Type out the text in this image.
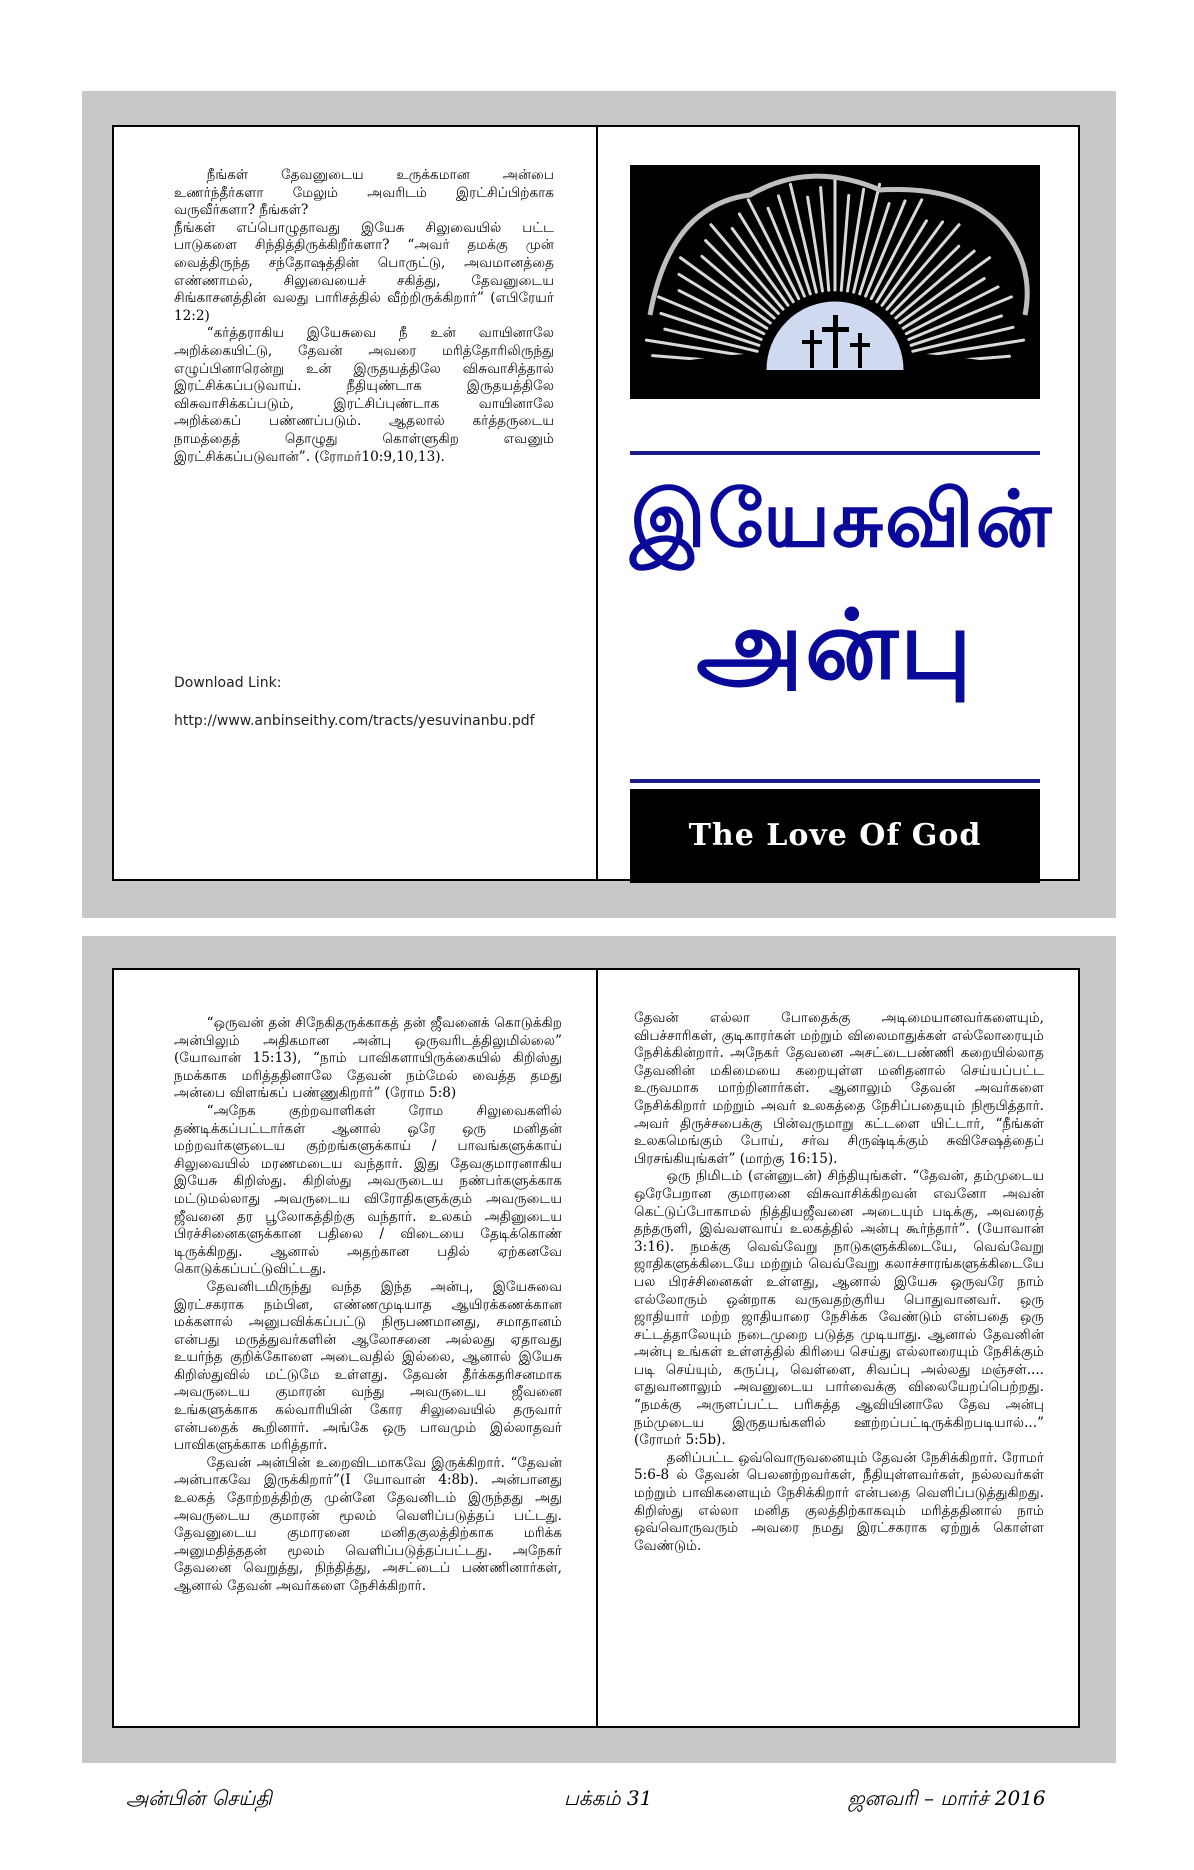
நீங்கள் தேவனுடைய உருக்கமான அன்பை உணர்ந்தீர்களா மேலும் அவரிடம் இரட்சிப்பிற்காக வருவீர்களா? நீங்கள்?

நீங்கள் எப்பொழுதாவது இயேசு சிலுவையில் பட்ட பாடுகளை சிந்தித்திருக்கிறீர்களா? “அவர் தமக்கு முன் வைத்திருந்த சந்தோஷத்தின் பொருட்டு, அவமானத்தை எண்ணாமல், சிலுவையைச் சகித்து, தேவனுடைய சிங்காசனத்தின் வலது பாரிசத்தில் வீற்றிருக்கிறார்” (எபிரேயர் 12:2)

“கர்த்தராகிய இயேசுவை நீ உன் வாயினாலே அறிக்கையிட்டு, தேவன் அவரை மரித்தோரிலிருந்து எழுப்பினாரென்று உன் இருதயத்திலே விசுவாசித்தால் இரட்சிக்கப்படுவாய். நீதியுண்டாக இருதயத்திலே விசுவாசிக்கப்படும், இரட்சிப்புண்டாக வாயினாலே அறிக்கைப் பண்ணப்படும். ஆதலால் கர்த்தருடைய நாமத்தைத் தொழுது கொள்ளுகிற எவனும் இரட்சிக்கப்படுவான்”. (ரோமர்10:9,10,13).

Download Link:
http://www.anbinseithy.com/tracts/yesuvinanbu.pdf
இயேசுவின்
அன்பு
The Love Of God

“ஒருவன் தன் சிநேகிதருக்காகத் தன் ஜீவனைக் கொடுக்கிற அன்பிலும் அதிகமான அன்பு ஒருவரிடத்திலுமில்லை” (யோவான் 15:13), “நாம் பாவிகளாயிருக்கையில் கிறிஸ்து நமக்காக மரித்ததினாலே தேவன் நம்மேல் வைத்த தமது அன்பை விளங்கப் பண்ணுகிறார்” (ரோம 5:8)

“அநேக குற்றவாளிகள் ரோம சிலுவைகளில் தண்டிக்கப்பட்டார்கள் ஆனால் ஒரே ஒரு மனிதன் மற்றவர்களுடைய குற்றங்களுக்காய் / பாவங்களுக்காய் சிலுவையில் மரணமடைய வந்தார். இது தேவகுமாரனாகிய இயேசு கிறிஸ்து. கிறிஸ்து அவருடைய நண்பர்களுக்காக மட்டுமல்லாது அவருடைய விரோதிகளுக்கும் அவருடைய ஜீவனை தர பூலோகத்திற்கு வந்தார். உலகம் அதினுடைய பிரச்சினைகளுக்கான பதிலை / விடையை தேடிக்கொண் டிருக்கிறது. ஆனால் அதற்கான பதில் ஏற்கனவே கொடுக்கப்பட்டுவிட்டது.

தேவனிடமிருந்து வந்த இந்த அன்பு, இயேசுவை இரட்சகராக நம்பின, எண்ணமுடியாத ஆயிரக்கணக்கான மக்களால் அனுபவிக்கப்பட்டு நிரூபணமானது, சமாதானம் என்பது மருத்துவர்களின் ஆலோசனை அல்லது ஏதாவது உயர்ந்த குறிக்கோளை அடைவதில் இல்லை, ஆனால் இயேசு கிறிஸ்துவில் மட்டுமே உள்ளது. தேவன் தீர்க்கதரிசனமாக அவருடைய குமாரன் வந்து அவருடைய ஜீவனை உங்களுக்காக கல்வாரியின் கோர சிலுவையில் தருவார் என்பதைக் கூறினார். அங்கே ஒரு பாவமும் இல்லாதவர் பாவிகளுக்காக மரித்தார்.

தேவன் அன்பின் உறைவிடமாகவே இருக்கிறார். “தேவன் அன்பாகவே இருக்கிறார்”(I யோவான் 4:8b). அன்பானது உலகத் தோற்றத்திற்கு முன்னே தேவனிடம் இருந்தது அது அவருடைய குமாரன் மூலம் வெளிப்படுத்தப் பட்டது. தேவனுடைய குமாரனை மனிதகுலத்திற்காக மரிக்க அனுமதித்ததன் மூலம் வெளிப்படுத்தப்பட்டது. அநேகர் தேவனை வெறுத்து, நிந்தித்து, அசட்டைப் பண்ணினார்கள், ஆனால் தேவன் அவர்களை நேசிக்கிறார்.

தேவன் எல்லா போதைக்கு அடிமையானவர்களையும், விபச்சாரிகள், குடிகாரர்கள் மற்றும் விலைமாதுக்கள் எல்லோரையும் நேசிக்கின்றார். அநேகர் தேவனை அசட்டைபண்ணி கறையில்லாத தேவனின் மகிமையை கறையுள்ள மனிதனால் செய்யப்பட்ட உருவமாக மாற்றினார்கள். ஆனாலும் தேவன் அவர்களை நேசிக்கிறார் மற்றும் அவர் உலகத்தை நேசிப்பதையும் நிரூபித்தார். அவர் திருச்சபைக்கு பின்வருமாறு கட்டளை யிட்டார், “நீங்கள் உலகமெங்கும் போய், சர்வ சிருஷ்டிக்கும் சுவிசேஷத்தைப் பிரசங்கியுங்கள்” (மாற்கு 16:15).

ஒரு நிமிடம் (என்னுடன்) சிந்தியுங்கள். “தேவன், தம்முடைய ஒரேபேறான குமாரனை விசுவாசிக்கிறவன் எவனோ அவன் கெட்டுப்போகாமல் நித்தியஜீவனை அடையும் படிக்கு, அவரைத் தந்தருளி, இவ்வளவாய் உலகத்தில் அன்பு கூர்ந்தார்”. (யோவான் 3:16). நமக்கு வெவ்வேறு நாடுகளுக்கிடையே, வெவ்வேறு ஜாதிகளுக்கிடையே மற்றும் வெவ்வேறு கலாச்சாரங்களுக்கிடையே பல பிரச்சினைகள் உள்ளது, ஆனால் இயேசு ஒருவரே நாம் எல்லோரும் ஒன்றாக வருவதற்குரிய பொதுவானவர். ஒரு ஜாதியார் மற்ற ஜாதியாரை நேசிக்க வேண்டும் என்பதை ஒரு சட்டத்தாலேயும் நடைமுறை படுத்த முடியாது. ஆனால் தேவனின் அன்பு உங்கள் உள்ளத்தில் கிரியை செய்து எல்லாரையும் நேசிக்கும் படி செய்யும், கருப்பு, வெள்ளை, சிவப்பு அல்லது மஞ்சள்.... எதுவானாலும் அவனுடைய பார்வைக்கு விலையேறப்பெற்றது. “நமக்கு அருளப்பட்ட பரிசுத்த ஆவியினாலே தேவ அன்பு நம்முடைய இருதயங்களில் ஊற்றப்பட்டிருக்கிறபடியால்...” (ரோமர் 5:5b).

தனிப்பட்ட ஒவ்வொருவனையும் தேவன் நேசிக்கிறார். ரோமர் 5:6-8 ல் தேவன் பெலனற்றவர்கள், நீதியுள்ளவர்கள், நல்லவர்கள் மற்றும் பாவிகளையும் நேசிக்கிறார் என்பதை வெளிப்படுத்துகிறது. கிறிஸ்து எல்லா மனித குலத்திற்காகவும் மரித்ததினால் நாம் ஒவ்வொருவரும் அவரை நமது இரட்சகராக ஏற்றுக் கொள்ள வேண்டும்.

அன்பின் செய்தி	பக்கம் 31	ஜனவரி – மார்ச் 2016
